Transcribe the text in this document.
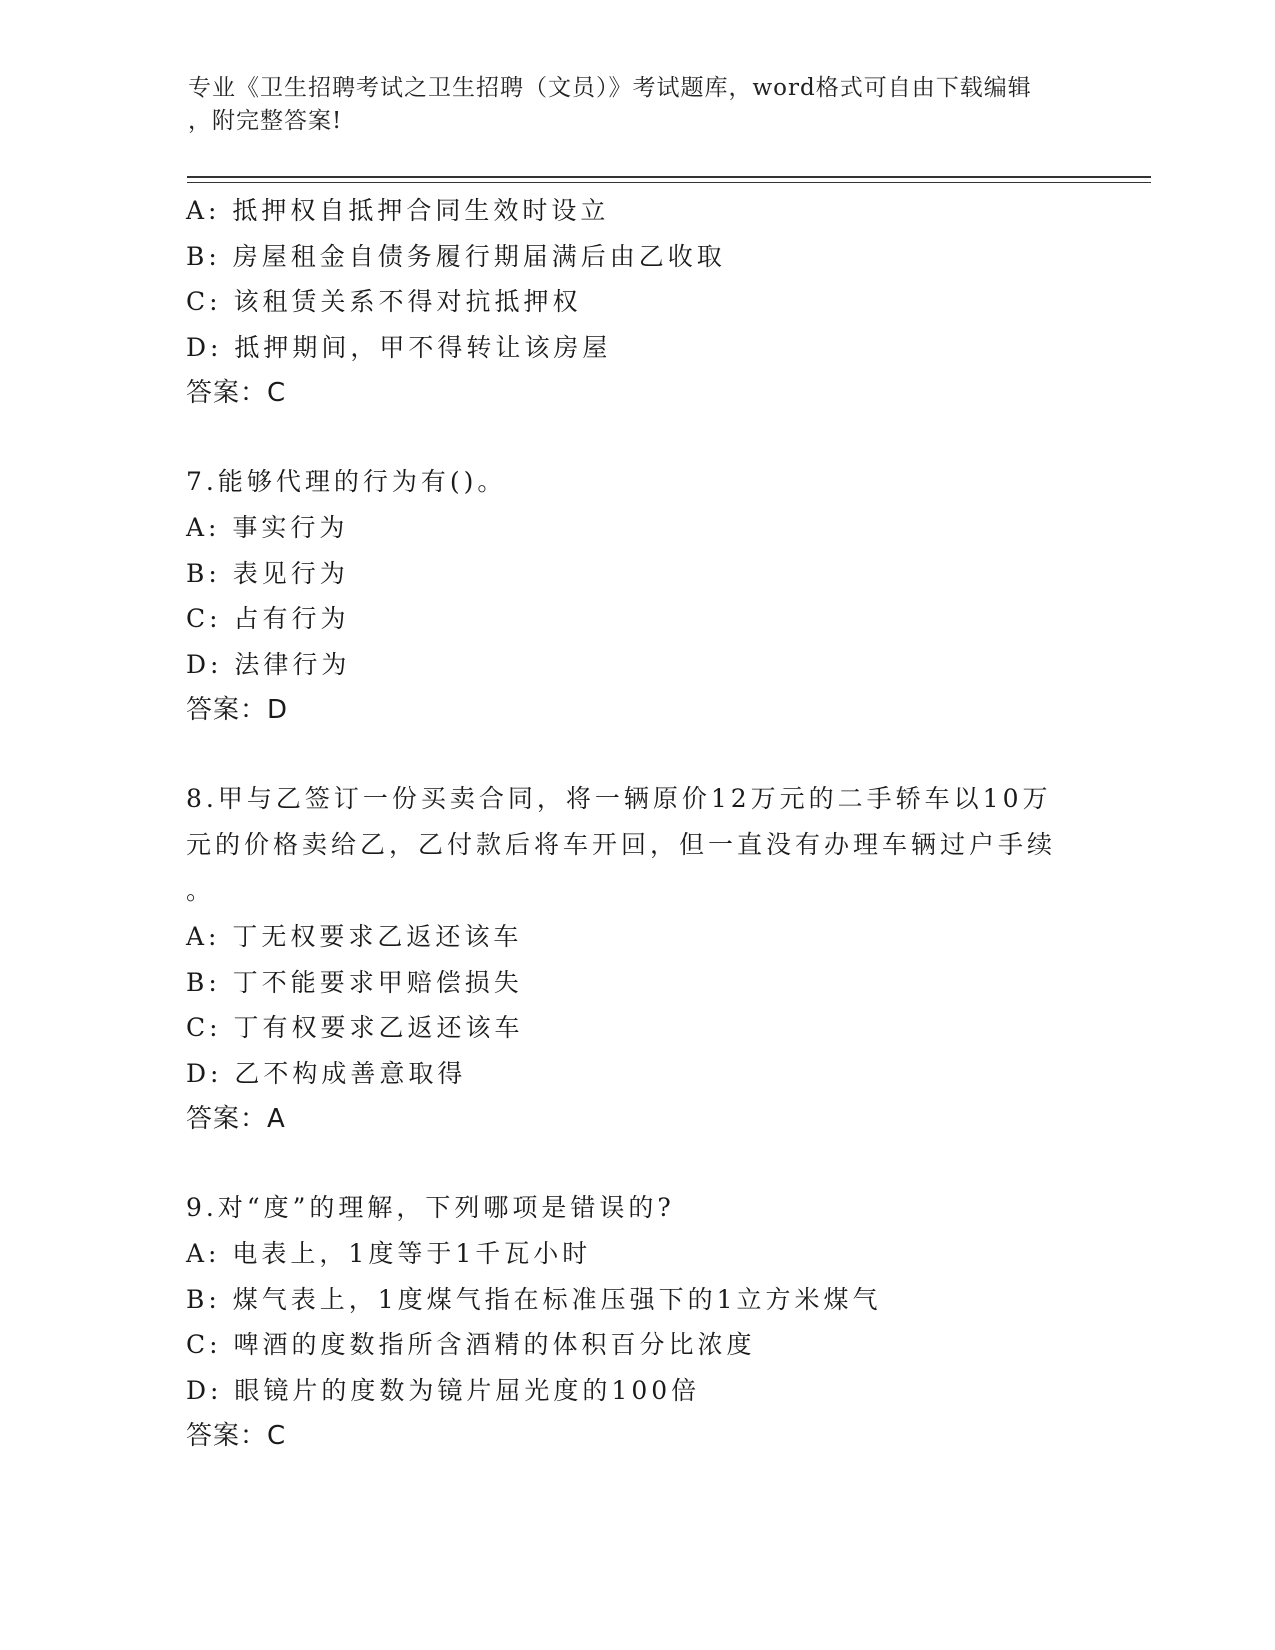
专业《卫生招聘考试之卫生招聘（文员）》考试题库，word格式可自由下载编辑
，附完整答案!
A: 抵押权自抵押合同生效时设立
B: 房屋租金自债务履行期届满后由乙收取
C: 该租赁关系不得对抗抵押权
D: 抵押期间，甲不得转让该房屋
答案：C
7.能够代理的行为有()。
A: 事实行为
B: 表见行为
C: 占有行为
D: 法律行为
答案：D
8.甲与乙签订一份买卖合同，将一辆原价12万元的二手轿车以10万
元的价格卖给乙，乙付款后将车开回，但一直没有办理车辆过户手续
。
A: 丁无权要求乙返还该车
B: 丁不能要求甲赔偿损失
C: 丁有权要求乙返还该车
D: 乙不构成善意取得
答案：A
9.对“度”的理解，下列哪项是错误的?
A: 电表上，1度等于1千瓦小时
B: 煤气表上，1度煤气指在标准压强下的1立方米煤气
C: 啤酒的度数指所含酒精的体积百分比浓度
D: 眼镜片的度数为镜片屈光度的100倍
答案：C
